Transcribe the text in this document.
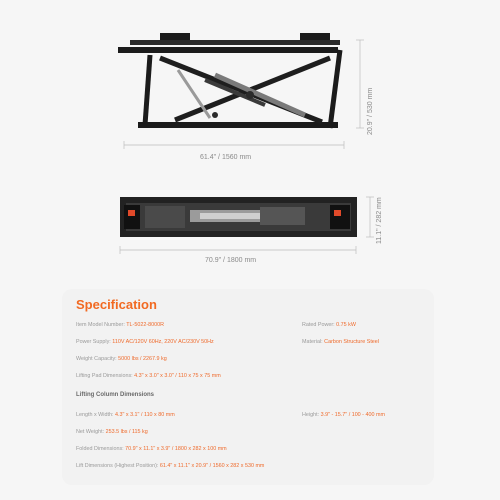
20.9" / 530 mm
61.4" / 1560 mm
11.1" / 282 mm
70.9" / 1800 mm
Specification
Item Model Number: TL-5022-8000R
Power Supply: 110V AC/120V 60Hz, 220V AC/230V 50Hz
Weight Capacity: 5000 lbs / 2267.9 kg
Lifting Pad Dimensions: 4.3" x 3.0" x 3.0" / 110 x 75 x 75 mm
Rated Power: 0.75 kW
Material: Carbon Structure Steel
Lifting Column Dimensions
Length x Width: 4.3" x 3.1" / 110 x 80 mm
Net Weight: 253.5 lbs / 115 kg
Folded Dimensions: 70.9" x 11.1" x 3.9" / 1800 x 282 x 100 mm
Lift Dimensions (Highest Position): 61.4" x 11.1" x 20.9" / 1560 x 282 x 530 mm
Height: 3.9" - 15.7" / 100 - 400 mm
